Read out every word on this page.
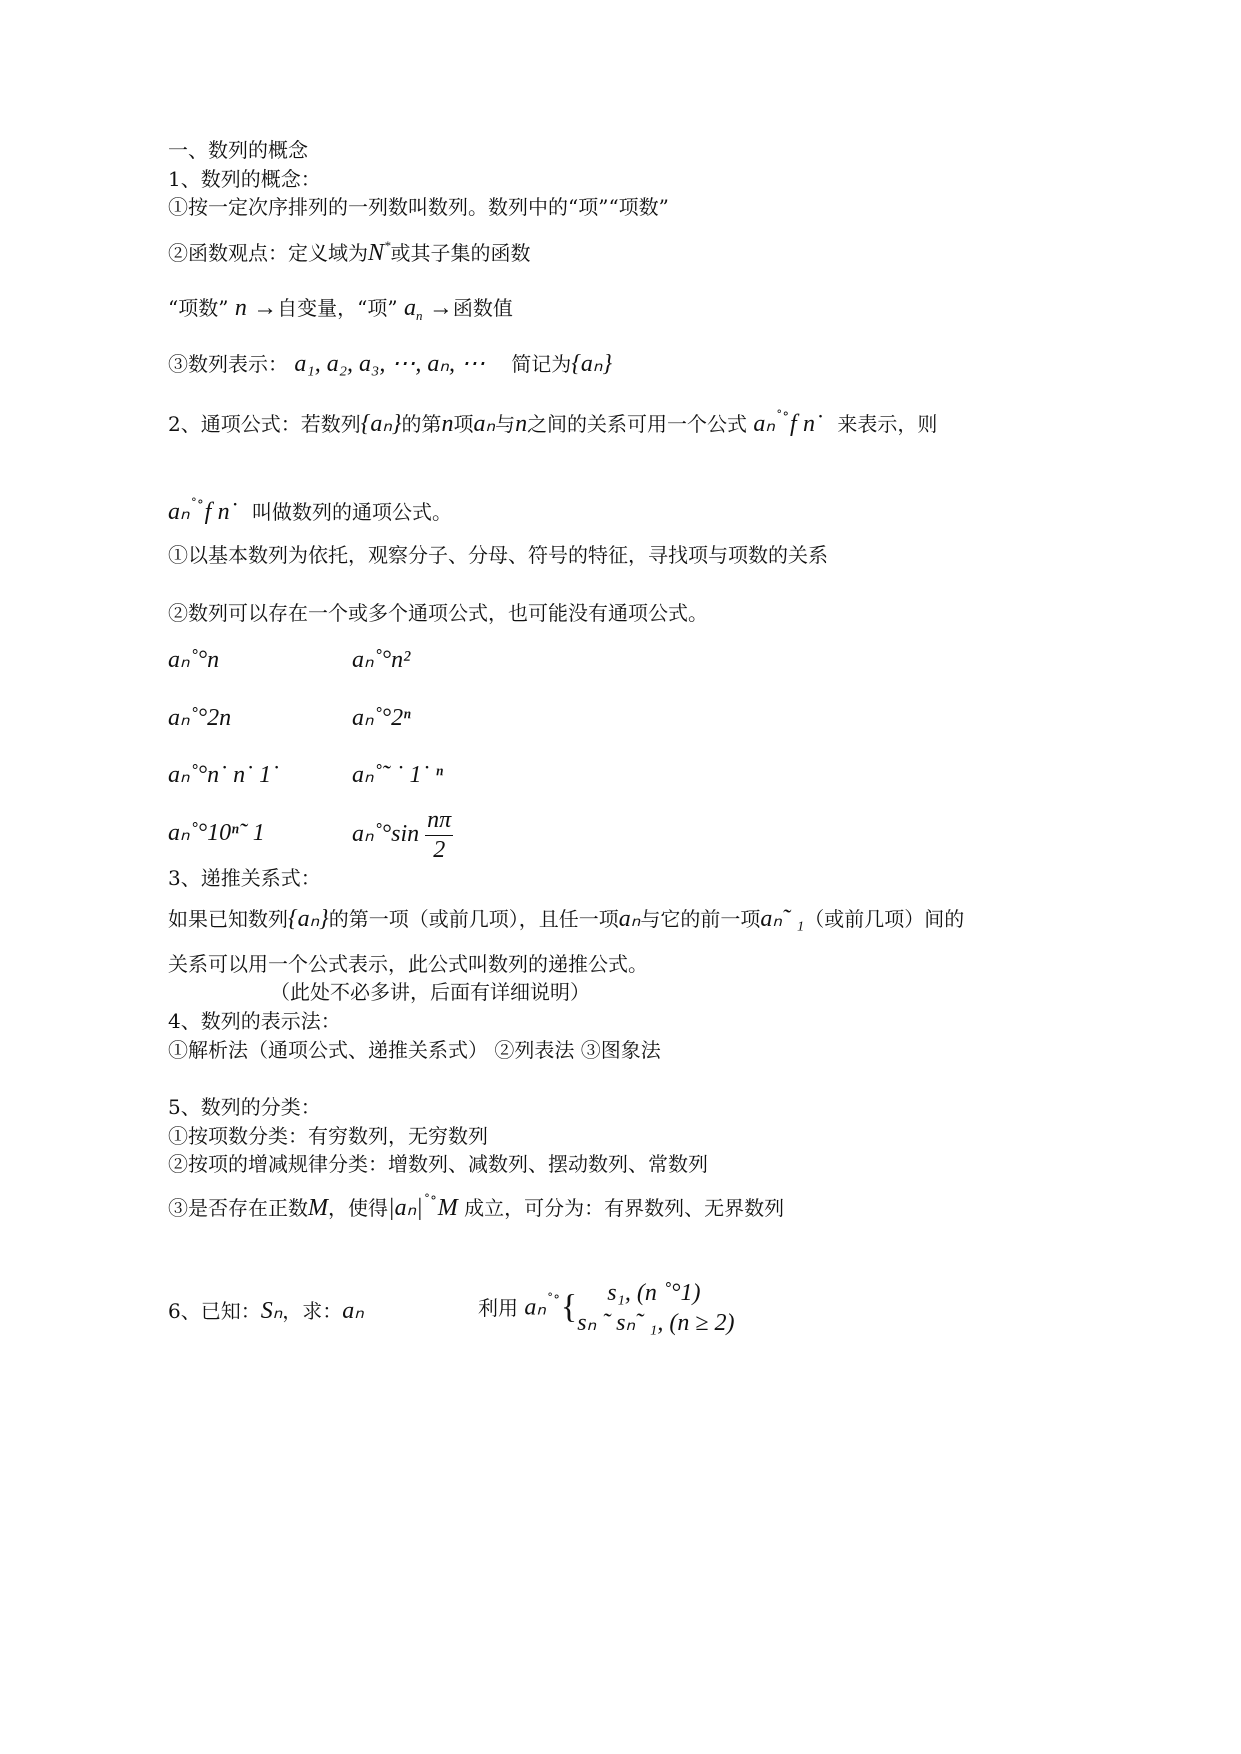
一、数列的概念
1、数列的概念：
①按一定次序排列的一列数叫数列。数列中的“项”“项数”
②函数观点：定义域为N*或其子集的函数
“项数” n →自变量，“项” $a_n$ →函数值
③数列表示： a₁, a₂, a₃, ⋯, aₙ, ⋯ 简记为{aₙ}
2、通项公式：若数列{aₙ}的第n项aₙ与n之间的关系可用一个公式 aₙ˚°f n˙ 来表示，则
aₙ˚°f n˙ 叫做数列的通项公式。
①以基本数列为依托，观察分子、分母、符号的特征，寻找项与项数的关系
②数列可以存在一个或多个通项公式，也可能没有通项公式。
aₙ˚°n	aₙ˚°n²
aₙ˚°2n	aₙ˚°2ⁿ
aₙ˚°n˙ n˙ 1˙	aₙ˚˜ ˙ 1˙ ⁿ
aₙ˚°10ⁿ˜ 1	aₙ˚°sin $\frac{n\pi}{2}$
3、递推关系式：
如果已知数列{aₙ}的第一项（或前几项），且任一项aₙ与它的前一项aₙ˜ ₁（或前几项）间的
关系可以用一个公式表示，此公式叫数列的递推公式。
（此处不必多讲，后面有详细说明）
4、数列的表示法：
①解析法（通项公式、递推关系式） ②列表法 ③图象法
5、数列的分类：
①按项数分类：有穷数列，无穷数列
②按项的增减规律分类：增数列、减数列、摆动数列、常数列
③是否存在正数M，使得|aₙ|˚°M 成立，可分为：有界数列、无界数列
6、已知：Sₙ，求：aₙ	利用 aₙ˚°{	s₁, (n ˚°1)
sₙ ˜ sₙ˜ ₁, (n ≥ 2)
